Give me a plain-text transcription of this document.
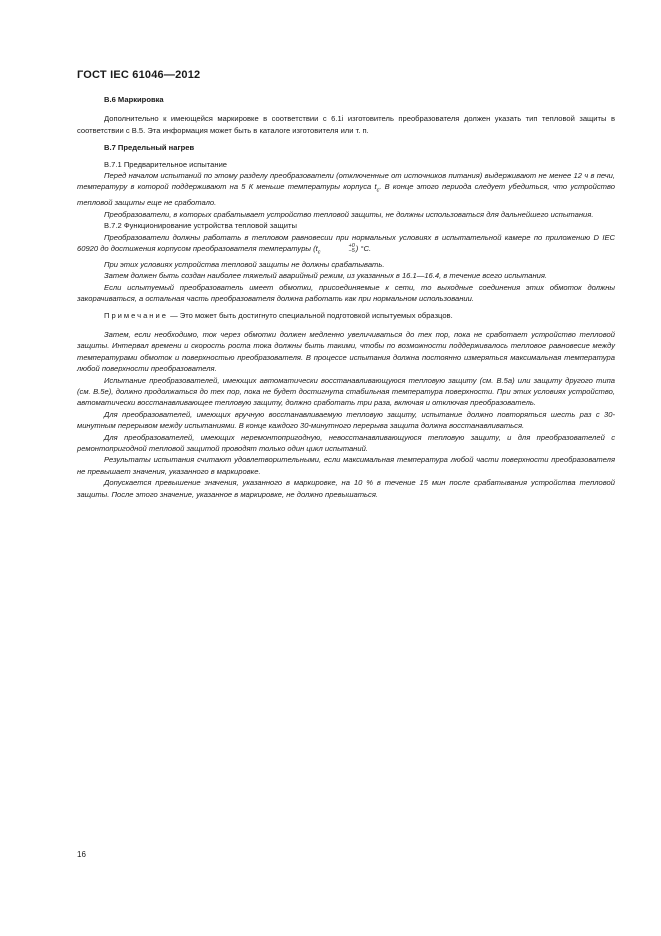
ГОСТ IEC 61046—2012

В.6 Маркировка

Дополнительно к имеющейся маркировке в соответствии с 6.1i изготовитель преобразователя должен указать тип тепловой защиты в соответствии с В.5. Эта информация может быть в каталоге изготовителя или т. п.

В.7 Предельный нагрев

В.7.1 Предварительное испытание

Перед началом испытаний по этому разделу преобразователи (отключенные от источников питания) выдерживают не менее 12 ч в печи, температуру в которой поддерживают на 5 К меньше температуры корпуса $t_c$. В конце этого периода следует убедиться, что устройство тепловой защиты еще не сработало.

Преобразователи, в которых срабатывает устройство тепловой защиты, не должны использоваться для дальнейшего испытания.

В.7.2 Функционирование устройства тепловой защиты

Преобразователи должны работать в тепловом равновесии при нормальных условиях в испытательной камере по приложению D IEC 60920 до достижения корпусом преобразователя температуры ($t_c$
+0
−5 ) °C.

При этих условиях устройства тепловой защиты не должны срабатывать.

Затем должен быть создан наиболее тяжелый аварийный режим, из указанных в 16.1—16.4, в течение всего испытания.

Если испытуемый преобразователь имеет обмотки, присоединяемые к сети, то выходные соединения этих обмоток должны закорачиваться, а остальная часть преобразователя должна работать как при нормальном использовании.

Примечание — Это может быть достигнуто специальной подготовкой испытуемых образцов.

Затем, если необходимо, ток через обмотки должен медленно увеличиваться до тех пор, пока не сработает устройство тепловой защиты. Интервал времени и скорость роста тока должны быть такими, чтобы по возможности поддерживалось тепловое равновесие между температурами обмоток и поверхностью преобразователя. В процессе испытания должна постоянно измеряться максимальная температура любой поверхности преобразователя.

Испытание преобразователей, имеющих автоматически восстанавливающуюся тепловую защиту (см. В.5а) или защиту другого типа (см. В.5е), должно продолжаться до тех пор, пока не будет достигнута стабильная температура поверхности. При этих условиях устройство, автоматически восстанавливающее тепловую защиту, должно сработать три раза, включая и отключая преобразователь.

Для преобразователей, имеющих вручную восстанавливаемую тепловую защиту, испытание должно повторяться шесть раз с 30-минутным перерывом между испытаниями. В конце каждого 30-минутного перерыва защита должна восстанавливаться.

Для преобразователей, имеющих неремонтопригодную, невосстанавливающуюся тепловую защиту, и для преобразователей с ремонтопригодной тепловой защитой проводят только один цикл испытаний.

Результаты испытания считают удовлетворительными, если максимальная температура любой части поверхности преобразователя не превышает значения, указанного в маркировке.

Допускается превышение значения, указанного в маркировке, на 10 % в течение 15 мин после срабатывания устройства тепловой защиты. После этого значение, указанное в маркировке, не должно превышаться.

16
